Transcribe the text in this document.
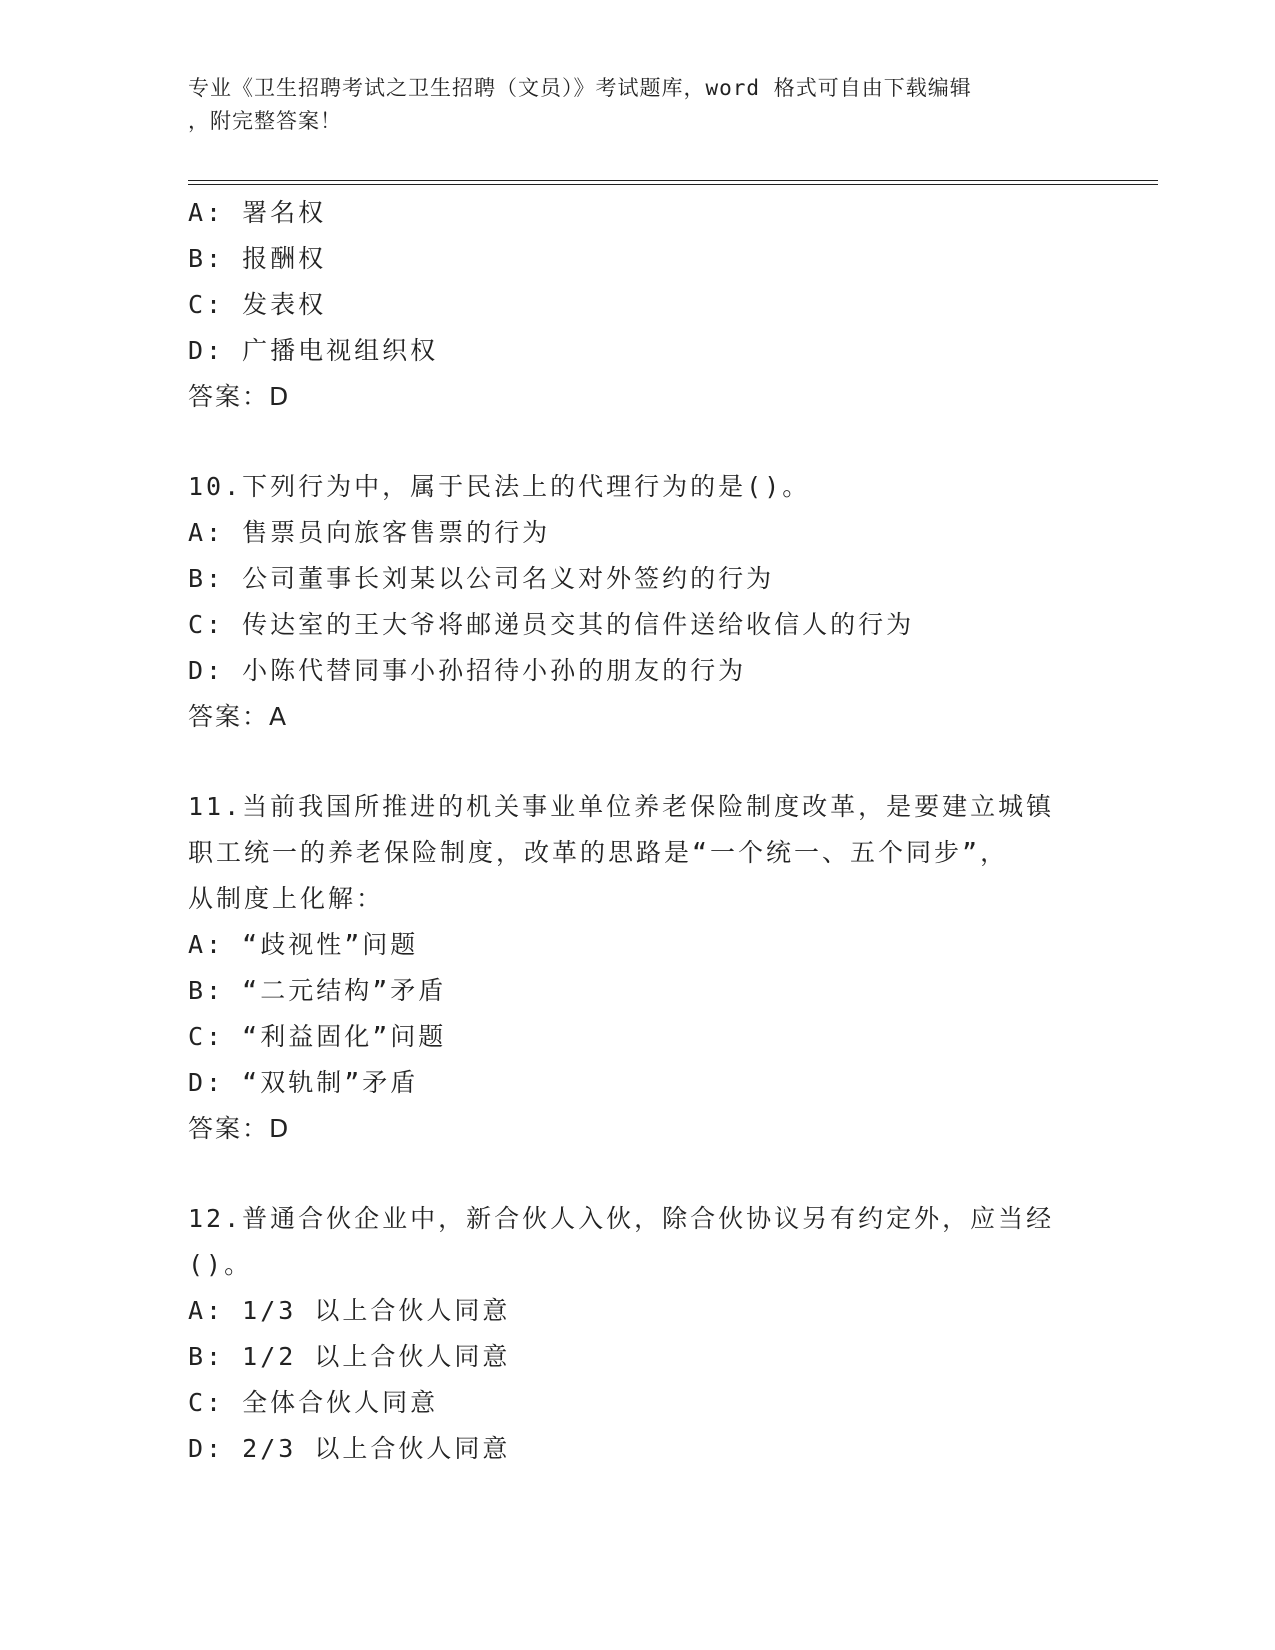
专业《卫生招聘考试之卫生招聘（文员）》考试题库，word 格式可自由下载编辑
，附完整答案！
A: 署名权
B: 报酬权
C: 发表权
D: 广播电视组织权
答案：D
10.下列行为中，属于民法上的代理行为的是()。
A: 售票员向旅客售票的行为
B: 公司董事长刘某以公司名义对外签约的行为
C: 传达室的王大爷将邮递员交其的信件送给收信人的行为
D: 小陈代替同事小孙招待小孙的朋友的行为
答案：A
11.当前我国所推进的机关事业单位养老保险制度改革，是要建立城镇
职工统一的养老保险制度，改革的思路是“一个统一、五个同步”，
从制度上化解：
A: “歧视性”问题
B: “二元结构”矛盾
C: “利益固化”问题
D: “双轨制”矛盾
答案：D
12.普通合伙企业中，新合伙人入伙，除合伙协议另有约定外，应当经
()。
A: 1/3 以上合伙人同意
B: 1/2 以上合伙人同意
C: 全体合伙人同意
D: 2/3 以上合伙人同意
